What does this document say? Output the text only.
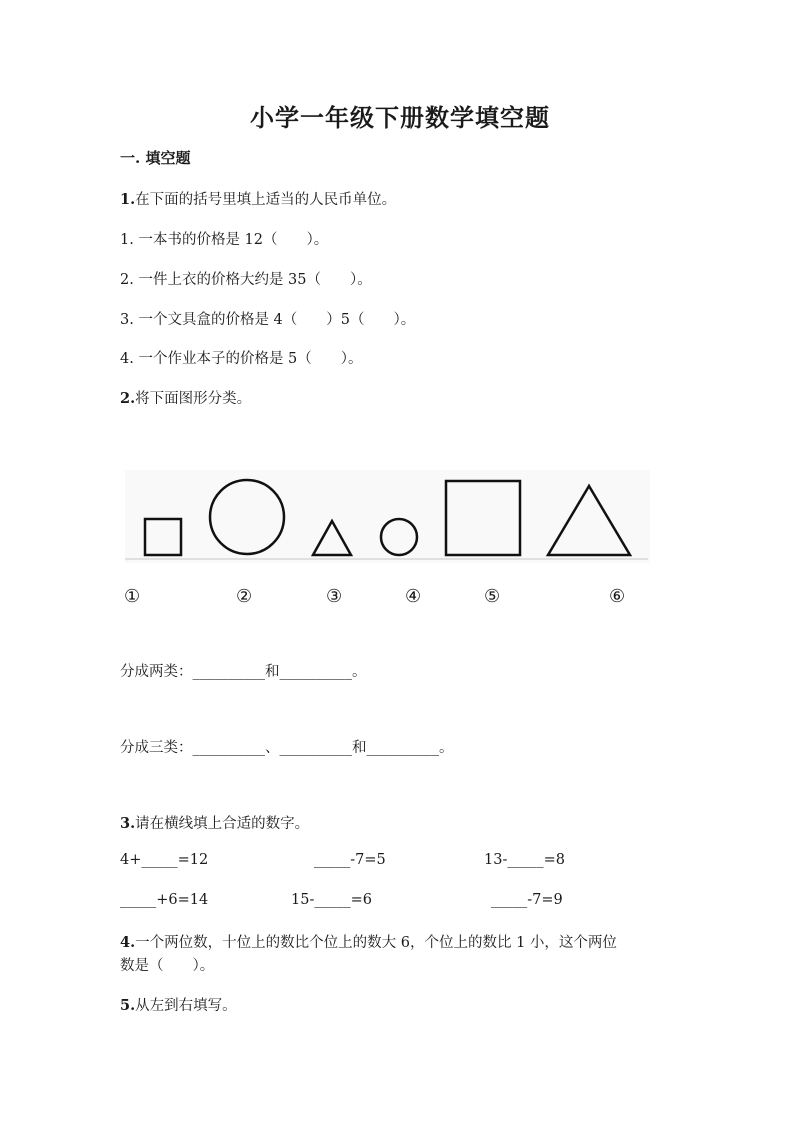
小学一年级下册数学填空题
一. 填空题
1.在下面的括号里填上适当的人民币单位。
1. 一本书的价格是 12（　　）。
2. 一件上衣的价格大约是 35（　　）。
3. 一个文具盒的价格是 4（　　）5（　　）。
4. 一个作业本子的价格是 5（　　）。
2.将下面图形分类。
①	②	③	④	⑤	⑥
分成两类：__________和__________。
分成三类：__________、__________和__________。
3.请在横线填上合适的数字。
4+_____=12	_____-7=5	13-_____=8
_____+6=14	15-_____=6	_____-7=9
4.一个两位数，十位上的数比个位上的数大 6，个位上的数比 1 小，这个两位
数是（　　）。
5.从左到右填写。
